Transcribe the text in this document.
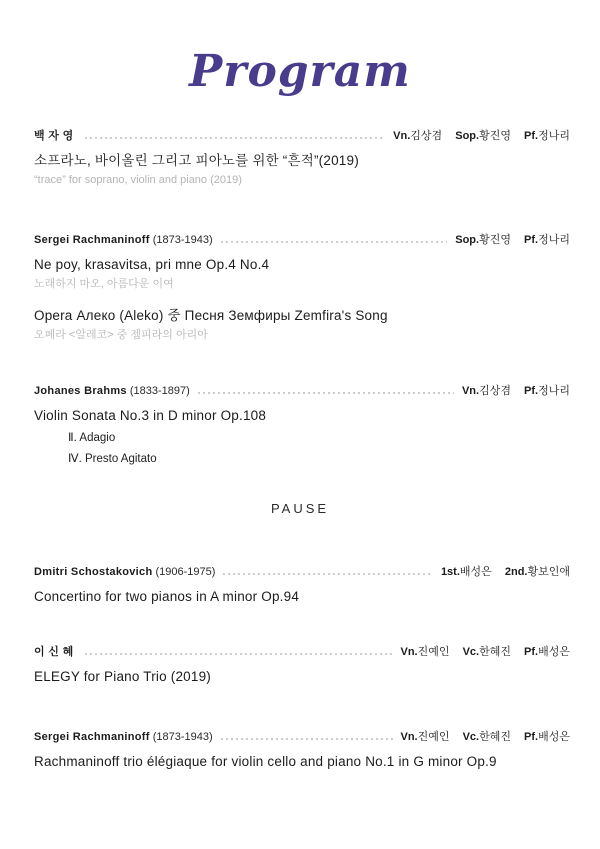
Program
백 자 영	Vn.김상겸 Sop.황진영 Pf.정나리
소프라노, 바이올린 그리고 피아노를 위한 “흔적”(2019)
“trace” for soprano, violin and piano (2019)
Sergei Rachmaninoff (1873-1943)	Sop.황진영 Pf.정나리
Ne poy, krasavitsa, pri mne Op.4 No.4
노래하지 마오, 아름다운 이여
Opera Алеко (Aleko) 중 Песня Земфиры Zemfira's Song
오페라 <알레코> 중 젬피라의 아리아
Johanes Brahms (1833-1897)	Vn.김상겸 Pf.정나리
Violin Sonata No.3 in D minor Op.108
Ⅱ. Adagio
Ⅳ. Presto Agitato
PAUSE
Dmitri Schostakovich (1906-1975)	1st.배성은 2nd.황보인애
Concertino for two pianos in A minor Op.94
이 신 혜	Vn.진예인 Vc.한혜진 Pf.배성은
ELEGY for Piano Trio (2019)
Sergei Rachmaninoff (1873-1943)	Vn.진예인 Vc.한혜진 Pf.배성은
Rachmaninoff trio élégiaque for violin cello and piano No.1 in G minor Op.9
